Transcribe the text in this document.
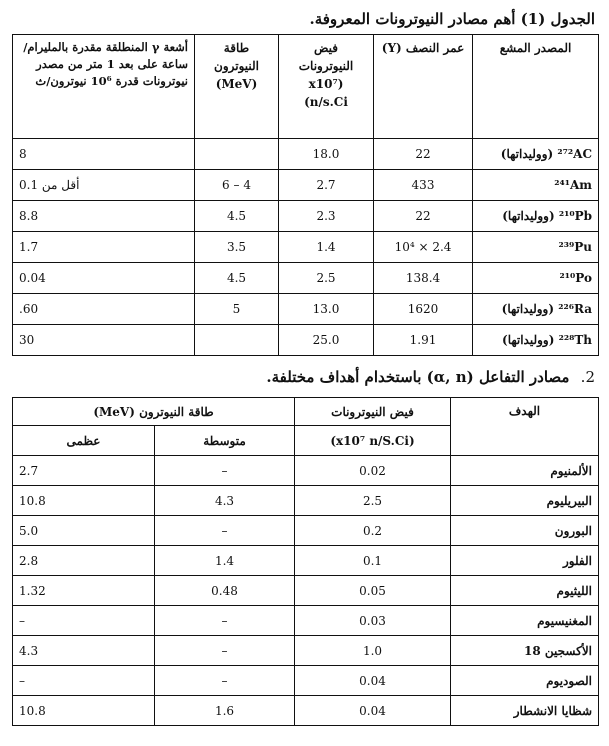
الجدول (1) أهم مصادر النيوترونات المعروفة.
المصدر المشع	عمر النصف (Y)	فيض النيوترونات (x10⁷ n/s.Ci)	طاقة النيوترون (MeV)	أشعة γ المنطلقة مقدرة بالمليرام/ساعة على بعد 1 متر من مصدر نيوترونات قدرة 10⁶ نيوترون/ث
²⁷²AC (ووليداتها)	22	18.0		8
²⁴¹Am	433	2.7	4 – 6	أقل من 0.1
²¹⁰Pb (ووليداتها)	22	2.3	4.5	8.8
²³⁹Pu	2.4 × 10⁴	1.4	3.5	1.7
²¹⁰Po	138.4	2.5	4.5	0.04
²²⁶Ra (ووليداتها)	1620	13.0	5	60.
²²⁸Th (ووليداتها)	1.91	25.0		30
2. مصادر التفاعل (α, n) باستخدام أهداف مختلفة.
الهدف	فيض النيوترونات	طاقة النيوترون (MeV)	
	(x10⁷ n/S.Ci)	متوسطة	عظمى
الألمنيوم	0.02	–	2.7
البيريليوم	2.5	4.3	10.8
البورون	0.2	–	5.0
الفلور	0.1	1.4	2.8
الليثيوم	0.05	0.48	1.32
المغنيسيوم	0.03	–	–
الأكسجين 18	1.0	–	4.3
الصوديوم	0.04	–	–
شظايا الانشطار	0.04	1.6	10.8
